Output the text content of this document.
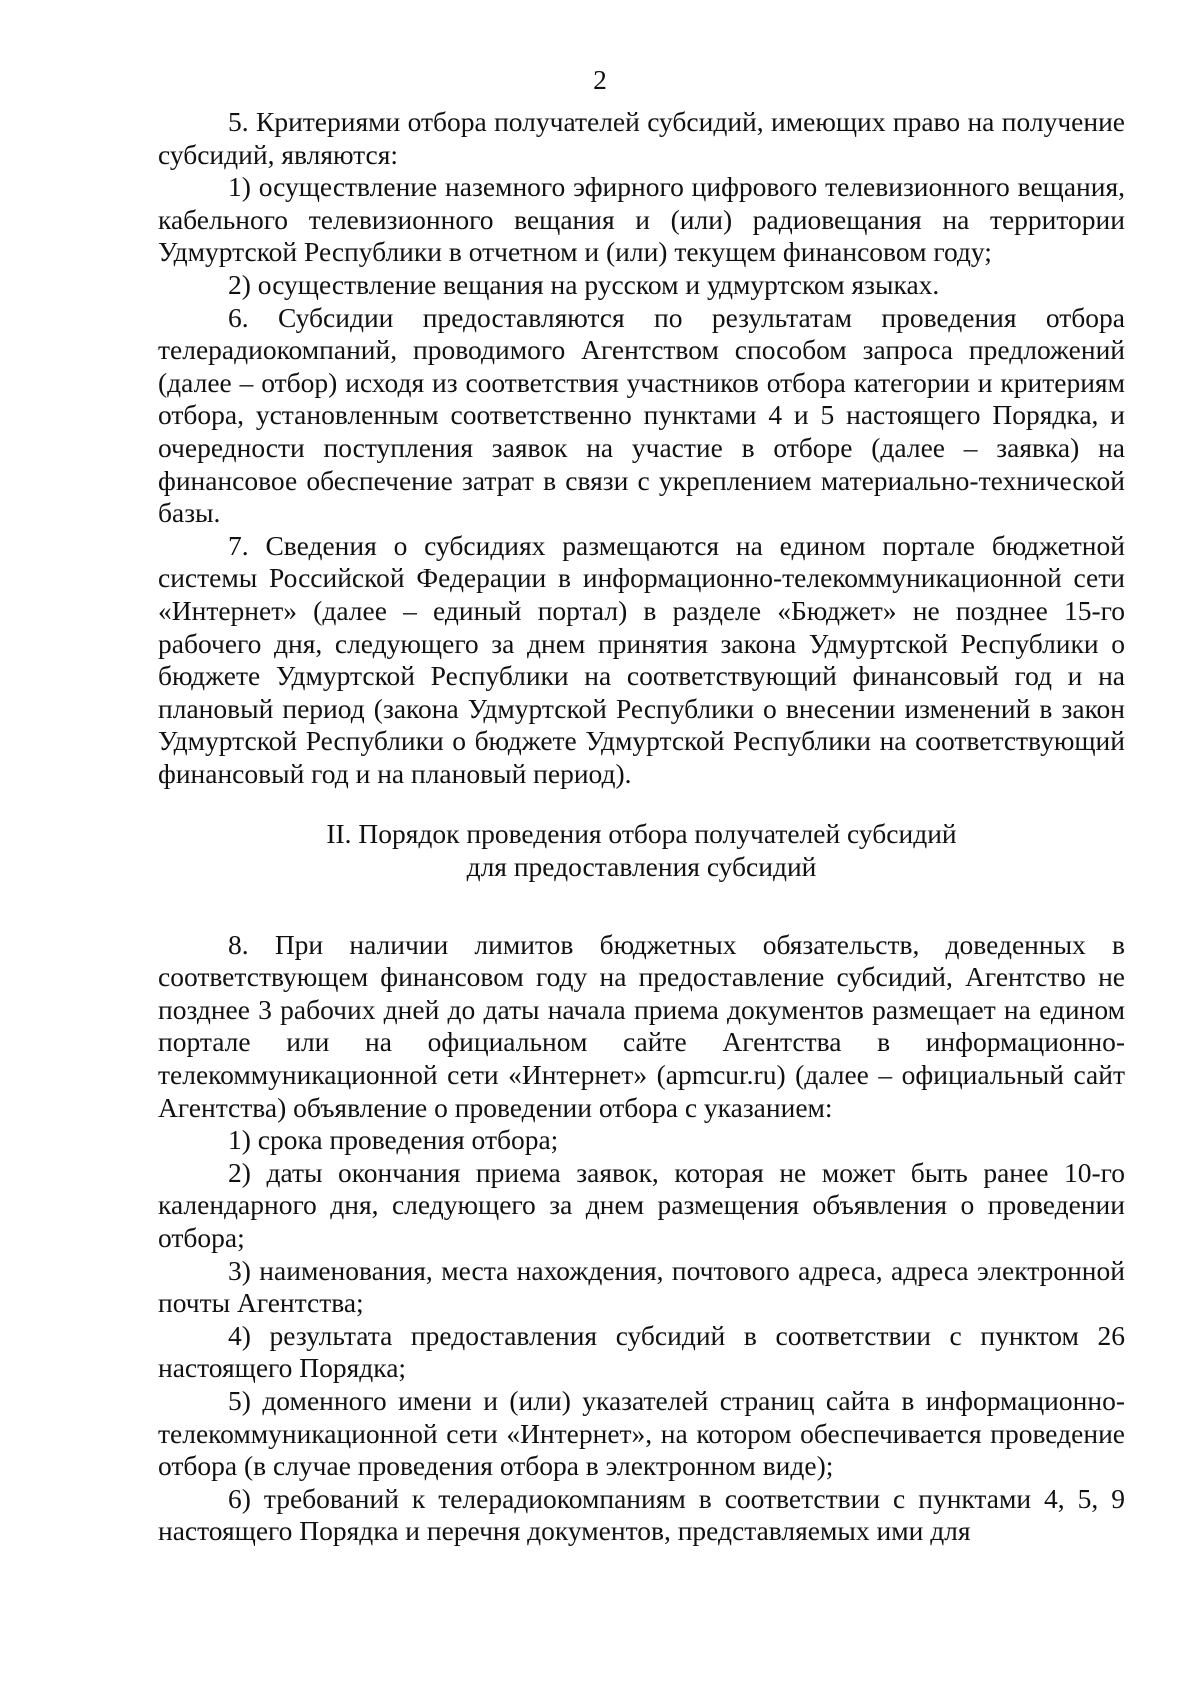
2

5. Критериями отбора получателей субсидий, имеющих право на получение субсидий, являются:

1) осуществление наземного эфирного цифрового телевизионного вещания, кабельного телевизионного вещания и (или) радиовещания на территории Удмуртской Республики в отчетном и (или) текущем финансовом году;

2) осуществление вещания на русском и удмуртском языках.

6. Субсидии предоставляются по результатам проведения отбора телерадиокомпаний, проводимого Агентством способом запроса предложений (далее – отбор) исходя из соответствия участников отбора категории и критериям отбора, установленным соответственно пунктами 4 и 5 настоящего Порядка, и очередности поступления заявок на участие в отборе (далее – заявка) на финансовое обеспечение затрат в связи с укреплением материально-технической базы.

7. Сведения о субсидиях размещаются на едином портале бюджетной системы Российской Федерации в информационно-телекоммуникационной сети «Интернет» (далее – единый портал) в разделе «Бюджет» не позднее 15-го рабочего дня, следующего за днем принятия закона Удмуртской Республики о бюджете Удмуртской Республики на соответствующий финансовый год и на плановый период (закона Удмуртской Республики о внесении изменений в закон Удмуртской Республики о бюджете Удмуртской Республики на соответствующий финансовый год и на плановый период).

II. Порядок проведения отбора получателей субсидий
для предоставления субсидий

8. При наличии лимитов бюджетных обязательств, доведенных в соответствующем финансовом году на предоставление субсидий, Агентство не позднее 3 рабочих дней до даты начала приема документов размещает на едином портале или на официальном сайте Агентства в информационно-телекоммуникационной сети «Интернет» (apmcur.ru) (далее – официальный сайт Агентства) объявление о проведении отбора с указанием:

1) срока проведения отбора;

2) даты окончания приема заявок, которая не может быть ранее 10-го календарного дня, следующего за днем размещения объявления о проведении отбора;

3) наименования, места нахождения, почтового адреса, адреса электронной почты Агентства;

4) результата предоставления субсидий в соответствии с пунктом 26 настоящего Порядка;

5) доменного имени и (или) указателей страниц сайта в информационно-телекоммуникационной сети «Интернет», на котором обеспечивается проведение отбора (в случае проведения отбора в электронном виде);

6) требований к телерадиокомпаниям в соответствии с пунктами 4, 5, 9 настоящего Порядка и перечня документов, представляемых ими для
